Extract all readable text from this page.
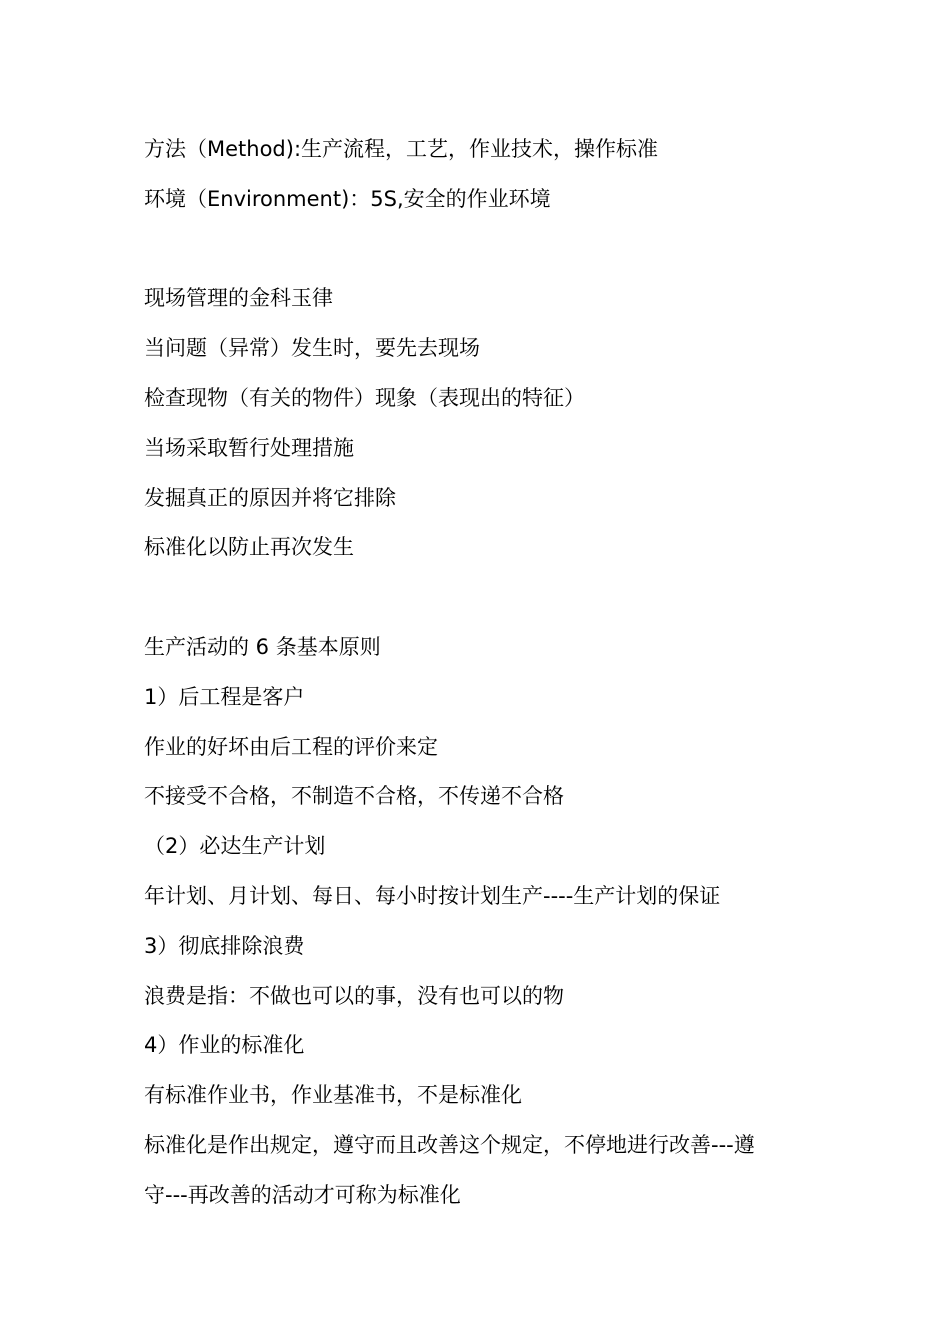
方法（Method):生产流程，工艺，作业技术，操作标准
环境（Environment)：5S,安全的作业环境
现场管理的金科玉律
当问题（异常）发生时，要先去现场
检查现物（有关的物件）现象（表现出的特征）
当场采取暂行处理措施
发掘真正的原因并将它排除
标准化以防止再次发生
生产活动的 6 条基本原则
1）后工程是客户
作业的好坏由后工程的评价来定
不接受不合格，不制造不合格，不传递不合格
（2）必达生产计划
年计划、月计划、每日、每小时按计划生产----生产计划的保证
3）彻底排除浪费
浪费是指：不做也可以的事，没有也可以的物
4）作业的标准化
有标准作业书，作业基准书，不是标准化
标准化是作出规定，遵守而且改善这个规定，不停地进行改善---遵
守---再改善的活动才可称为标准化
